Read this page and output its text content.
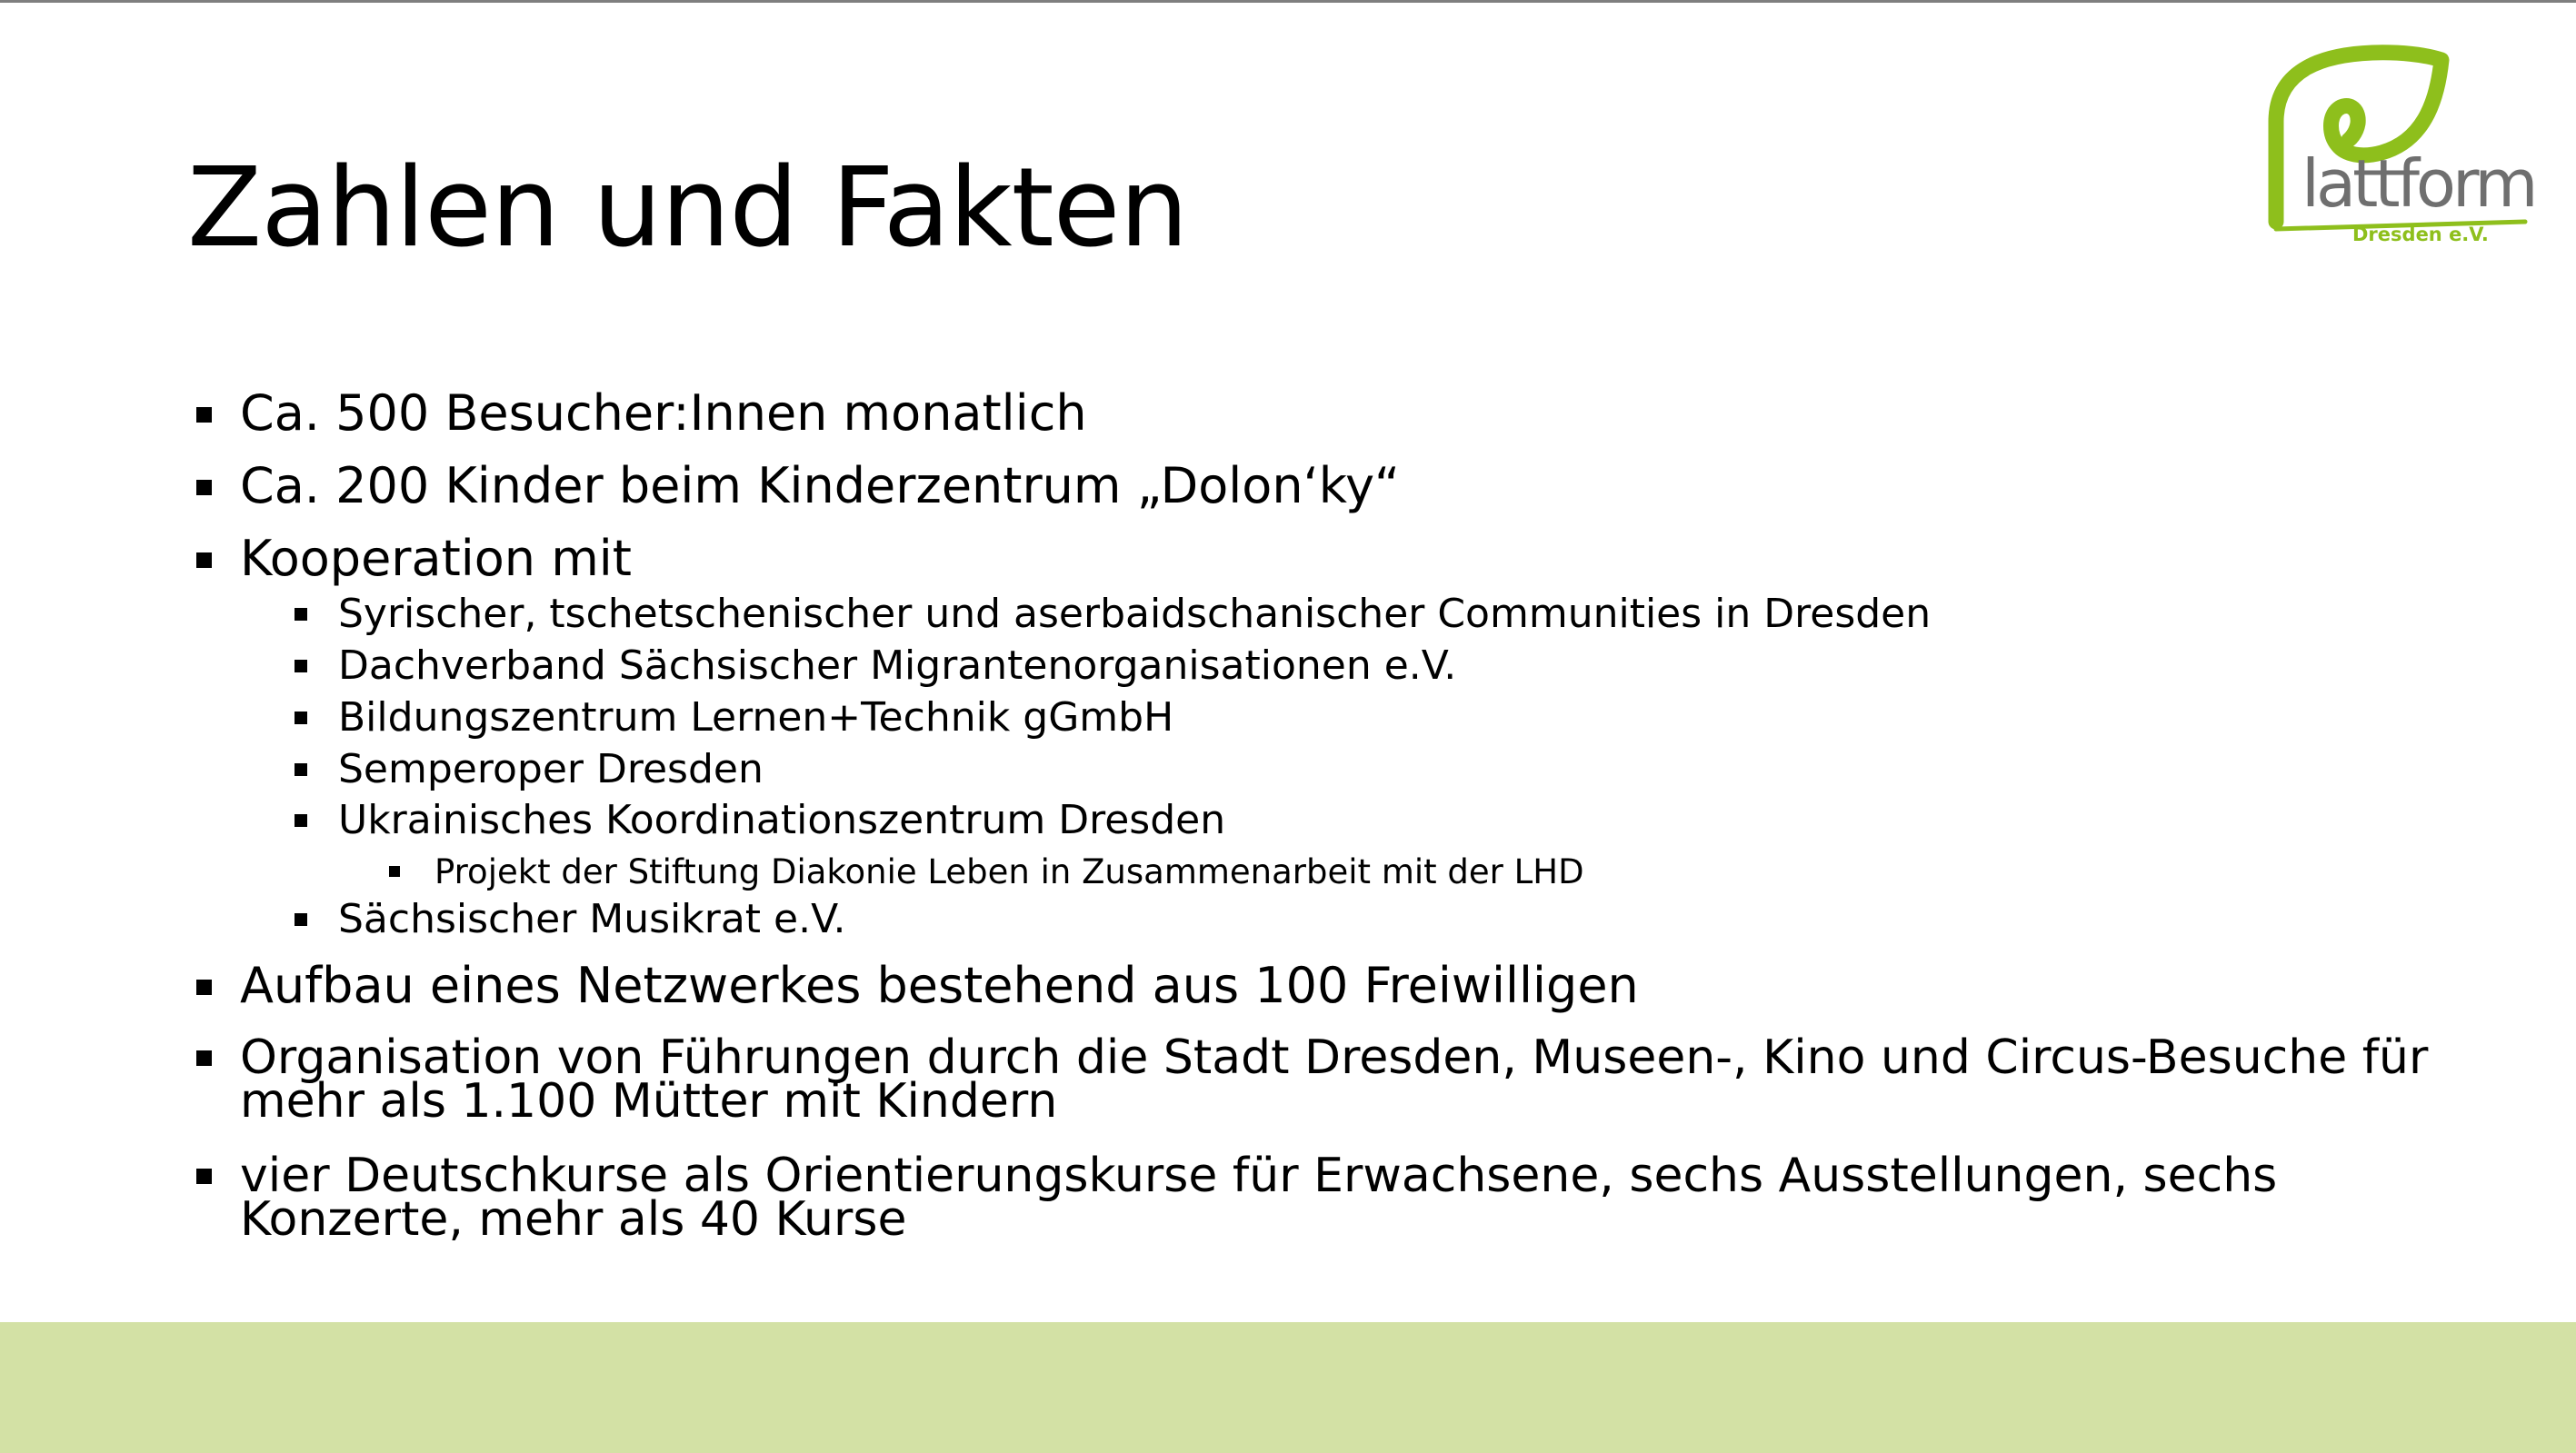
Zahlen und Fakten	lattform
Dresden e.V.
Ca. 500 Besucher:Innen monatlich
Ca. 200 Kinder beim Kinderzentrum „Dolon‘ky“
Kooperation mit
Syrischer, tschetschenischer und aserbaidschanischer Communities in Dresden
Dachverband Sächsischer Migrantenorganisationen e.V.
Bildungszentrum Lernen+Technik gGmbH
Semperoper Dresden
Ukrainisches Koordinationszentrum Dresden
Projekt der Stiftung Diakonie Leben in Zusammenarbeit mit der LHD
Sächsischer Musikrat e.V.
Aufbau eines Netzwerkes bestehend aus 100 Freiwilligen
Organisation von Führungen durch die Stadt Dresden, Museen-, Kino und Circus-Besuche für
mehr als 1.100 Mütter mit Kindern
vier Deutschkurse als Orientierungskurse für Erwachsene, sechs Ausstellungen, sechs
Konzerte, mehr als 40 Kurse
